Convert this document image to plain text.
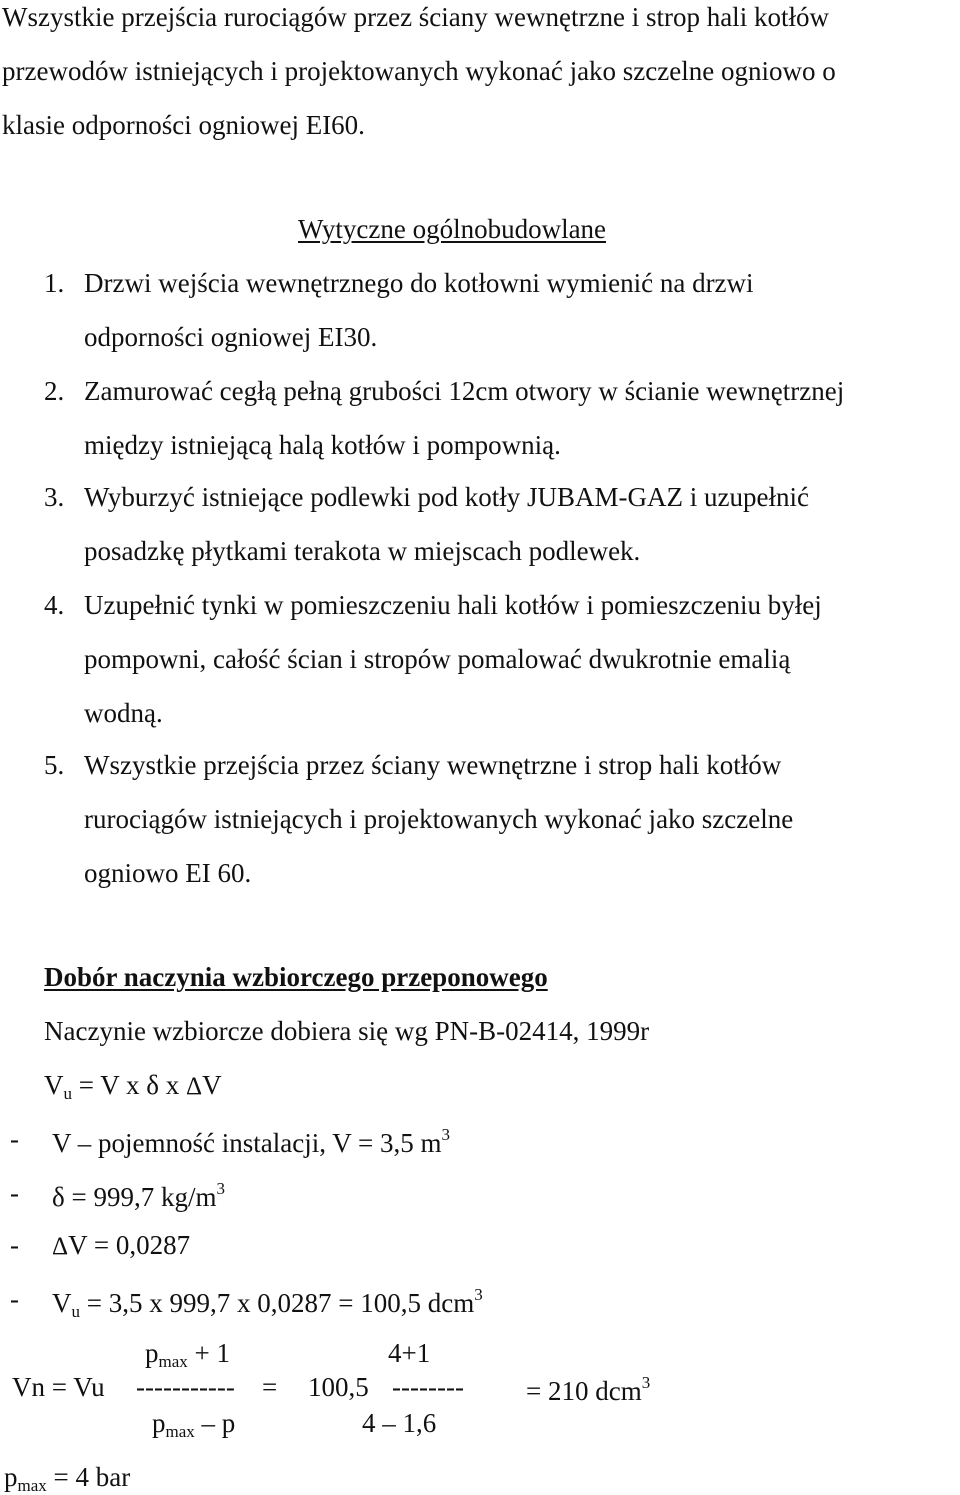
Wszystkie przejścia rurociągów przez ściany wewnętrzne i strop hali kotłów
przewodów istniejących i projektowanych wykonać jako szczelne ogniowo o
klasie odporności ogniowej EI60.
Wytyczne ogólnobudowlane
1. Drzwi wejścia wewnętrznego do kotłowni wymienić na drzwi
odporności ogniowej EI30.
2. Zamurować cegłą pełną grubości 12cm otwory w ścianie wewnętrznej
między istniejącą halą kotłów i pompownią.
3. Wyburzyć istniejące podlewki pod kotły JUBAM-GAZ i uzupełnić
posadzkę płytkami terakota w miejscach podlewek.
4. Uzupełnić tynki w pomieszczeniu hali kotłów i pomieszczeniu byłej
pompowni, całość ścian i stropów pomalować dwukrotnie emalią
wodną.
5. Wszystkie przejścia przez ściany wewnętrzne i strop hali kotłów
rurociągów istniejących i projektowanych wykonać jako szczelne
ogniowo EI 60.
Dobór naczynia wzbiorczego przeponowego
Naczynie wzbiorcze dobiera się wg PN-B-02414, 1999r
$V_u = V$ x δ x ΔV
- V – pojemność instalacji, V = 3,5 $m^3$
- δ = 999,7 $kg/m^3$
- ΔV = 0,0287
- $V_u = 3,5$ x 999,7 x 0,0287 = 100,5 dcm$^3$
$p_{max} + 1$	4+1
Vn = Vu ----------- = 100,5 -------- = 210 dcm$^3$
$p_{max}$ – p	4 – 1,6
$p_{max} = 4$ bar
